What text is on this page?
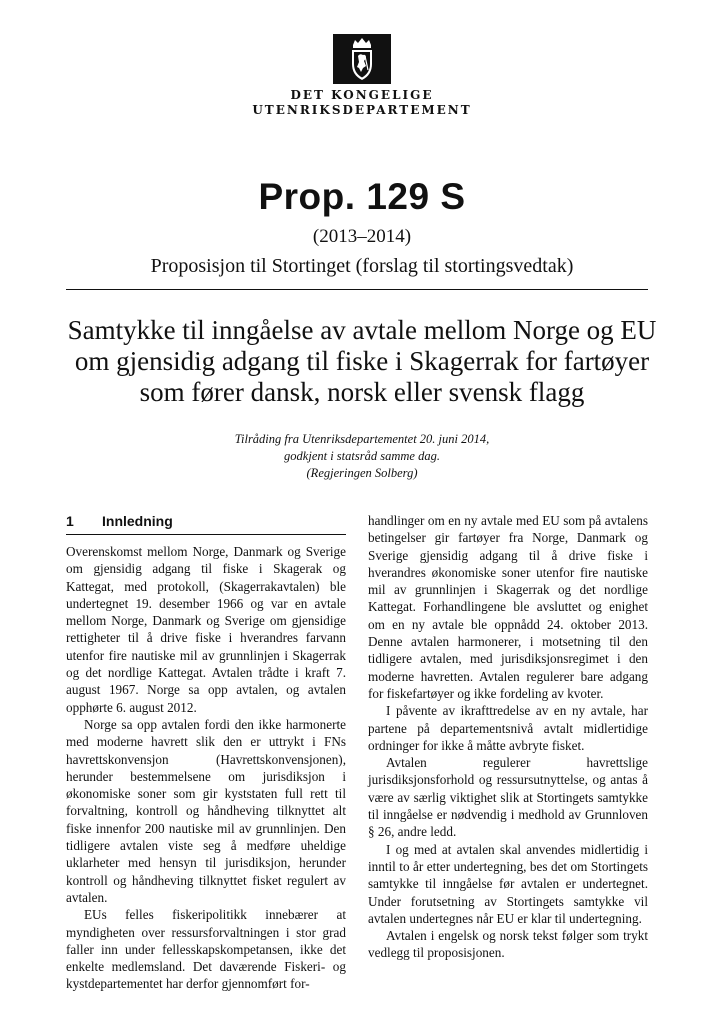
DET KONGELIGE
UTENRIKSDEPARTEMENT
Prop. 129 S
(2013–2014)
Proposisjon til Stortinget (forslag til stortingsvedtak)
Samtykke til inngåelse av avtale mellom Norge og EU om gjensidig adgang til fiske i Skagerrak for fartøyer som fører dansk, norsk eller svensk flagg
Tilråding fra Utenriksdepartementet 20. juni 2014,
godkjent i statsråd samme dag.
(Regjeringen Solberg)
1 Innledning

Overenskomst mellom Norge, Danmark og Sverige om gjensidig adgang til fiske i Skagerak og Kattegat, med protokoll, (Skagerrakavtalen) ble undertegnet 19. desember 1966 og var en avtale mellom Norge, Danmark og Sverige om gjensidige rettigheter til å drive fiske i hverandres farvann utenfor fire nautiske mil av grunnlinjen i Skagerrak og det nordlige Kattegat. Avtalen trådte i kraft 7. august 1967. Norge sa opp avtalen, og avtalen opphørte 6. august 2012.

Norge sa opp avtalen fordi den ikke harmonerte med moderne havrett slik den er uttrykt i FNs havrettskonvensjon (Havrettskonvensjonen), herunder bestemmelsene om jurisdiksjon i økonomiske soner som gir kyststaten full rett til forvaltning, kontroll og håndheving tilknyttet alt fiske innenfor 200 nautiske mil av grunnlinjen. Den tidligere avtalen viste seg å medføre uheldige uklarheter med hensyn til jurisdiksjon, herunder kontroll og håndheving tilknyttet fisket regulert av avtalen.

EUs felles fiskeripolitikk innebærer at myndigheten over ressursforvaltningen i stor grad faller inn under fellesskapskompetansen, ikke det enkelte medlemsland. Det daværende Fiskeri- og kystdepartementet har derfor gjennomført for-

handlinger om en ny avtale med EU som på avtalens betingelser gir fartøyer fra Norge, Danmark og Sverige gjensidig adgang til å drive fiske i hverandres økonomiske soner utenfor fire nautiske mil av grunnlinjen i Skagerrak og det nordlige Kattegat. Forhandlingene ble avsluttet og enighet om en ny avtale ble oppnådd 24. oktober 2013. Denne avtalen harmonerer, i motsetning til den tidligere avtalen, med jurisdiksjonsregimet i den moderne havretten. Avtalen regulerer bare adgang for fiskefartøyer og ikke fordeling av kvoter.

I påvente av ikrafttredelse av en ny avtale, har partene på departementsnivå avtalt midlertidige ordninger for ikke å måtte avbryte fisket.

Avtalen regulerer havrettslige jurisdiksjonsforhold og ressursutnyttelse, og antas å være av særlig viktighet slik at Stortingets samtykke til inngåelse er nødvendig i medhold av Grunnloven § 26, andre ledd.

I og med at avtalen skal anvendes midlertidig i inntil to år etter undertegning, bes det om Stortingets samtykke til inngåelse før avtalen er undertegnet. Under forutsetning av Stortingets samtykke vil avtalen undertegnes når EU er klar til undertegning.

Avtalen i engelsk og norsk tekst følger som trykt vedlegg til proposisjonen.
